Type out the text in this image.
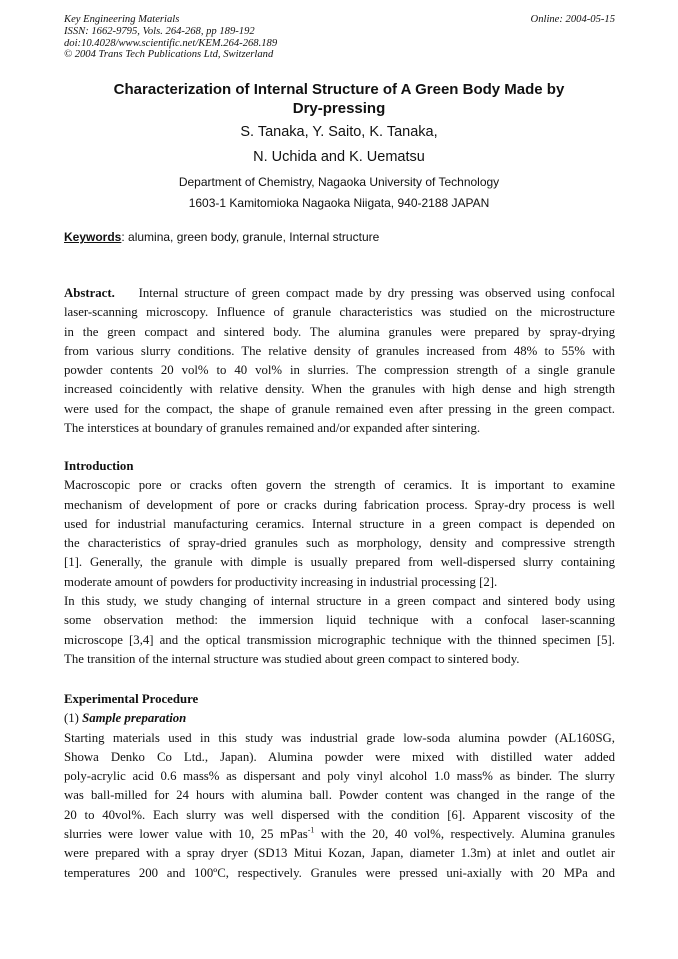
Key Engineering Materials
ISSN: 1662-9795, Vols. 264-268, pp 189-192
doi:10.4028/www.scientific.net/KEM.264-268.189
© 2004 Trans Tech Publications Ltd, Switzerland
Online: 2004-05-15
Characterization of Internal Structure of A Green Body Made by
Dry-pressing
S. Tanaka, Y. Saito, K. Tanaka,
N. Uchida and K. Uematsu
Department of Chemistry, Nagaoka University of Technology
1603-1 Kamitomioka Nagaoka Niigata, 940-2188 JAPAN
Keywords: alumina, green body, granule, Internal structure
Abstract. Internal structure of green compact made by dry pressing was observed using confocal
laser-scanning microscopy. Influence of granule characteristics was studied on the microstructure
in the green compact and sintered body. The alumina granules were prepared by spray-drying
from various slurry conditions. The relative density of granules increased from 48% to 55% with
powder contents 20 vol% to 40 vol% in slurries. The compression strength of a single granule
increased coincidently with relative density. When the granules with high dense and high strength
were used for the compact, the shape of granule remained even after pressing in the green compact.
The interstices at boundary of granules remained and/or expanded after sintering.
Introduction
Macroscopic pore or cracks often govern the strength of ceramics. It is important to examine
mechanism of development of pore or cracks during fabrication process. Spray-dry process is well
used for industrial manufacturing ceramics. Internal structure in a green compact is depended on
the characteristics of spray-dried granules such as morphology, density and compressive strength
[1]. Generally, the granule with dimple is usually prepared from well-dispersed slurry containing
moderate amount of powders for productivity increasing in industrial processing [2].
In this study, we study changing of internal structure in a green compact and sintered body using
some observation method: the immersion liquid technique with a confocal laser-scanning
microscope [3,4] and the optical transmission micrographic technique with the thinned specimen [5].
The transition of the internal structure was studied about green compact to sintered body.
Experimental Procedure
(1) Sample preparation
Starting materials used in this study was industrial grade low-soda alumina powder (AL160SG,
Showa Denko Co Ltd., Japan). Alumina powder were mixed with distilled water added
poly-acrylic acid 0.6 mass% as dispersant and poly vinyl alcohol 1.0 mass% as binder. The slurry
was ball-milled for 24 hours with alumina ball. Powder content was changed in the range of the
20 to 40vol%. Each slurry was well dispersed with the condition [6]. Apparent viscosity of the
slurries were lower value with 10, 25 mPas$^{-1}$ with the 20, 40 vol%, respectively. Alumina granules
were prepared with a spray dryer (SD13 Mitui Kozan, Japan, diameter 1.3m) at inlet and outlet air
temperatures 200 and 100ºC, respectively. Granules were pressed uni-axially with 20 MPa and
